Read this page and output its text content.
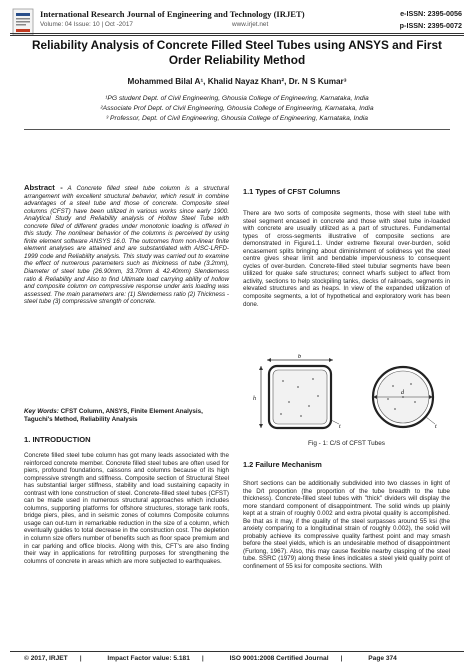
International Research Journal of Engineering and Technology (IRJET)
Volume: 04 Issue: 10 | Oct -2017	www.irjet.net
e-ISSN: 2395-0056
p-ISSN: 2395-0072
Reliability Analysis of Concrete Filled Steel Tubes using ANSYS and First Order Reliability Method
Mohammed Bilal A¹, Khalid Nayaz Khan², Dr. N S Kumar³
¹PG student Dept. of Civil Engineering, Ghousia College of Engineering, Karnataka, India
²Associate Prof Dept. of Civil Engineering, Ghousia College of Engineering, Karnataka, India
³ Professor, Dept. of Civil Engineering, Ghousia College of Engineering, Karnataka, India
Abstract - A Concrete filled steel tube column is a structural arrangement with excellent structural behavior, which result in combine advantages of a steel tube and those of concrete. Composite steel columns (CFST) have been utilized in various works since early 1900. Analytical Study and Reliability analysis of Hollow Steel Tube with concrete filled of different grades under monotonic loading is offered in this study. The nonlinear behavior of the columns is perceived by using finite element software ANSYS 16.0. The outcomes from non-linear finite element analyses are attained and are substantiated with AISC-LRFD-1999 code and Reliability analysis. This study was carried out to examine the effect of numerous parameters such as thickness of tube (3.2mm), Diameter of steel tube (26.90mm, 33.70mm & 42.40mm) Slenderness ratio & Reliability and Also to find Ultimate load carrying ability of hollow and composite column on compressive response under axis loading was assessed. The main parameters are: (1) Slenderness ratio (2) Thickness -steel tube (3) compressive strength of concrete.
Key Words: CFST Column, ANSYS, Finite Element Analysis, Taguchi's Method, Reliability Analysis
1. INTRODUCTION
Concrete filled steel tube column has got many leads associated with the reinforced concrete member. Concrete filled steel tubes are often used for piers, profound foundations, caissons and columns because of its high compressive strength and stiffness. Composite section of Structural Steel has substantial larger stiffness, stability and load sustaining capacity in contrast with lone construction of steel. Concrete-filled steel tubes (CFST) can be made used in numerous structural approaches which includes columns, supporting platforms for offshore structures, storage tank roofs, bridge piers, piles, and in seismic zones of columns Composite columns usage can out-turn in remarkable reduction in the size of a column, which eventually guides to total decrease in the construction cost. The depletion in column size offers number of benefits such as floor space premium and in car parking and office blocks. Along with this, CFT's are also finding their way in applications for retrofitting purposes for strengthening the columns of concrete in areas which are more subjected to earthquakes.
1.1 Types of CFST Columns
There are two sorts of composite segments, those with steel tube with steel segment encased in concrete and those with steel tube in-loaded with concrete are usually utilized as a part of structures. Fundamental types of cross-segments illustrative of composite sections are demonstrated in Figure1.1. Under extreme flexural over-burden, solid encasement splits bringing about diminishment of solidness yet the steel centre gives shear limit and bendable imperviousness to consequent cycles of over-burden. Concrete-filled steel tubular segments have been utilized for quake safe structures; connect wharfs subject to affect from activity, sections to help stockpiling tanks, decks of railroads, segments in elevated structures and as heaps. In view of the expanded utilization of composite segments, a lot of hypothetical and exploratory work has been done.
b
h
t
d
t
Fig - 1: C/S of CFST Tubes
1.2 Failure Mechanism
Short sections can be additionally subdivided into two classes in light of the D/t proportion (the proportion of the tube breadth to the tube thickness). Concrete-filled steel tubes with "thick" dividers will display the more standard component of disappointment. The solid winds up plainly kept at a strain of roughly 0.002 and extra pivotal quality is accomplished. Be that as it may, if the quality of the steel surpasses around 55 ksi (the anxiety comparing to a longitudinal strain of roughly 0.002), the solid will probably achieve its compressive quality farthest point and may smash before the steel yields, which is an undesirable method of disappointment (Furlong, 1967). Also, this may cause flexible nearby clasping of the steel tube. SSRC (1979) along these lines indicates a steel yield quality point of confinement of 55 ksi for composite sections. With
© 2017, IRJET |	Impact Factor value: 5.181 |	ISO 9001:2008 Certified Journal |	Page 374
